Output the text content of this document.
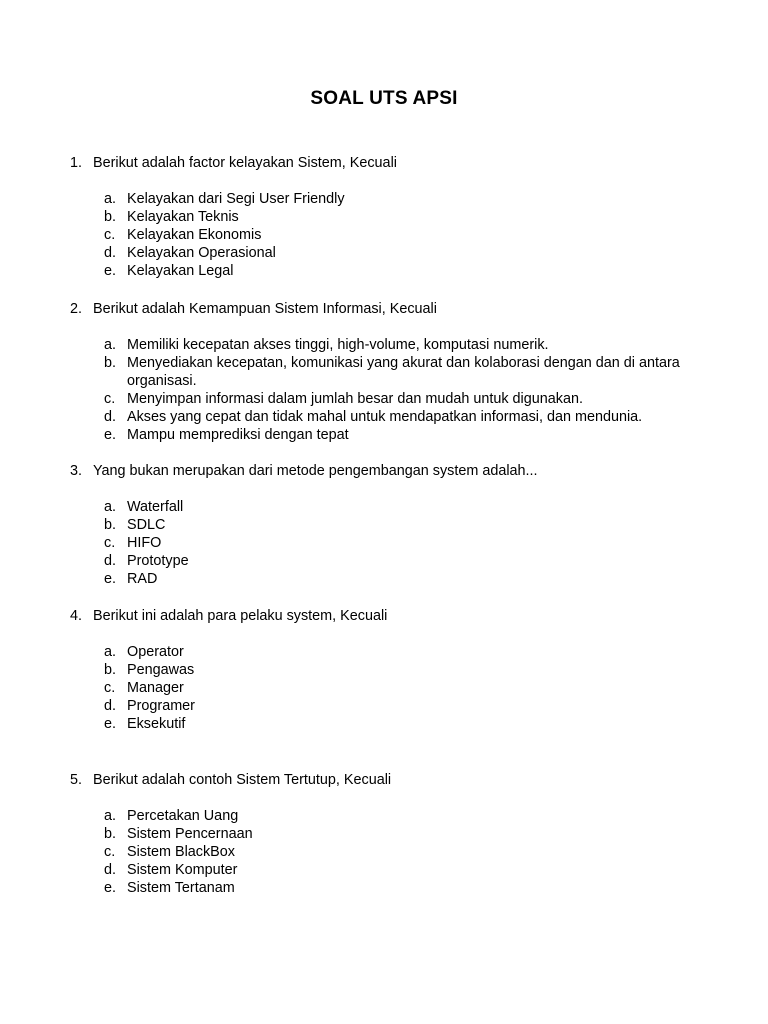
SOAL UTS APSI
1. Berikut adalah factor kelayakan Sistem, Kecuali
a. Kelayakan dari Segi User Friendly
b. Kelayakan Teknis
c. Kelayakan Ekonomis
d. Kelayakan Operasional
e. Kelayakan Legal
2. Berikut adalah Kemampuan Sistem Informasi, Kecuali
a. Memiliki kecepatan akses tinggi, high-volume, komputasi numerik.
b. Menyediakan kecepatan, komunikasi yang akurat dan kolaborasi dengan dan di antara organisasi.
c. Menyimpan informasi dalam jumlah besar dan mudah untuk digunakan.
d. Akses yang cepat dan tidak mahal untuk mendapatkan informasi, dan mendunia.
e. Mampu memprediksi dengan tepat
3. Yang bukan merupakan dari metode pengembangan system adalah...
a. Waterfall
b. SDLC
c. HIFO
d. Prototype
e. RAD
4. Berikut ini adalah para pelaku system, Kecuali
a. Operator
b. Pengawas
c. Manager
d. Programer
e. Eksekutif
5. Berikut adalah contoh Sistem Tertutup, Kecuali
a. Percetakan Uang
b. Sistem Pencernaan
c. Sistem BlackBox
d. Sistem Komputer
e. Sistem Tertanam
